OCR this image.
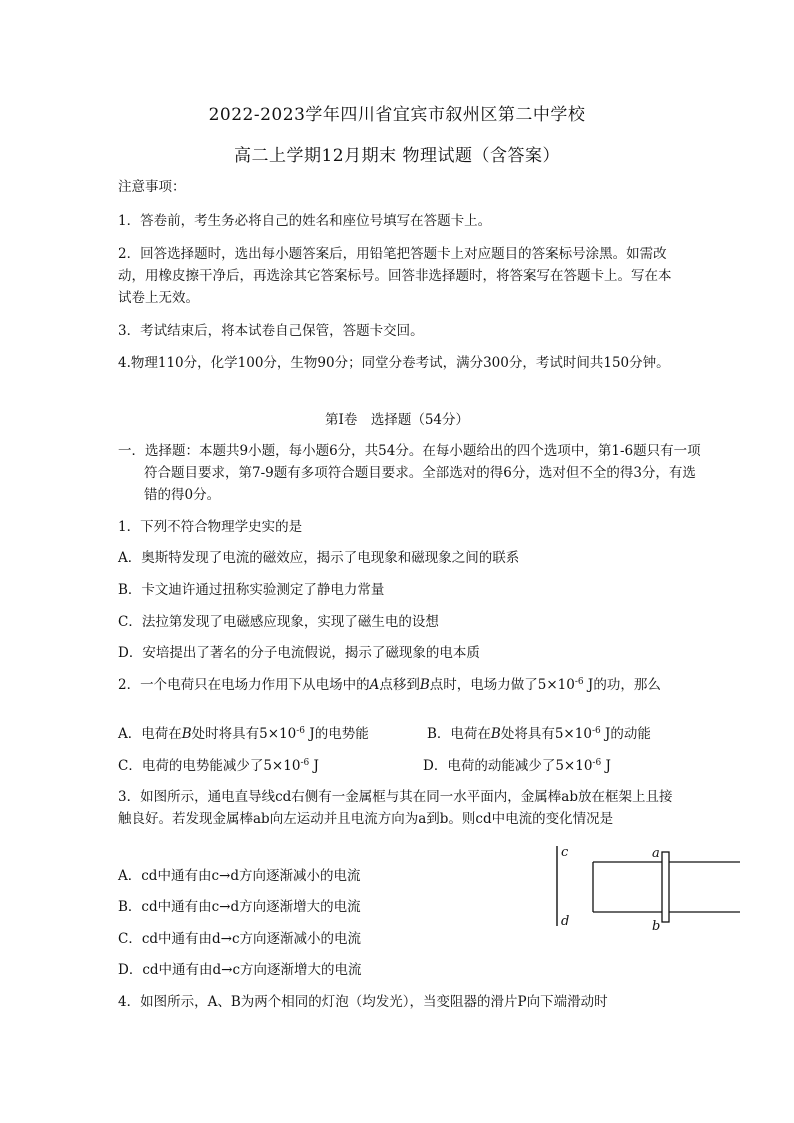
2022-2023学年四川省宜宾市叙州区第二中学校
高二上学期12月期末 物理试题（含答案）
注意事项：
1．答卷前，考生务必将自己的姓名和座位号填写在答题卡上。
2．回答选择题时，选出每小题答案后，用铅笔把答题卡上对应题目的答案标号涂黑。如需改动，用橡皮擦干净后，再选涂其它答案标号。回答非选择题时，将答案写在答题卡上。写在本试卷上无效。
3．考试结束后，将本试卷自己保管，答题卡交回。
4.物理110分，化学100分，生物90分；同堂分卷考试，满分300分，考试时间共150分钟。
第Ⅰ卷　选择题（54分）
一．选择题：本题共9小题，每小题6分，共54分。在每小题给出的四个选项中，第1-6题只有一项符合题目要求，第7-9题有多项符合题目要求。全部选对的得6分，选对但不全的得3分，有选错的得0分。
1．下列不符合物理学史实的是
A．奥斯特发现了电流的磁效应，揭示了电现象和磁现象之间的联系
B．卡文迪许通过扭称实验测定了静电力常量
C．法拉第发现了电磁感应现象，实现了磁生电的设想
D．安培提出了著名的分子电流假说，揭示了磁现象的电本质
2．一个电荷只在电场力作用下从电场中的A点移到B点时，电场力做了$5\times 10^{-6}$ J的功，那么
A．电荷在B处时将具有$5\times 10^{-6}$ J的电势能	B．电荷在B处将具有$5\times 10^{-6}$ J的动能
C．电荷的电势能减少了$5\times 10^{-6}$ J	D．电荷的动能减少了$5\times 10^{-6}$ J
3．如图所示，通电直导线cd右侧有一金属框与其在同一水平面内，金属棒ab放在框架上且接触良好。若发现金属棒ab向左运动并且电流方向为a到b。则cd中电流的变化情况是
A．cd中通有由c→d方向逐渐减小的电流
B．cd中通有由c→d方向逐渐增大的电流
C．cd中通有由d→c方向逐渐减小的电流
D．cd中通有由d→c方向逐渐增大的电流
c
d
a
b
4．如图所示，A、B为两个相同的灯泡（均发光），当变阻器的滑片P向下端滑动时
